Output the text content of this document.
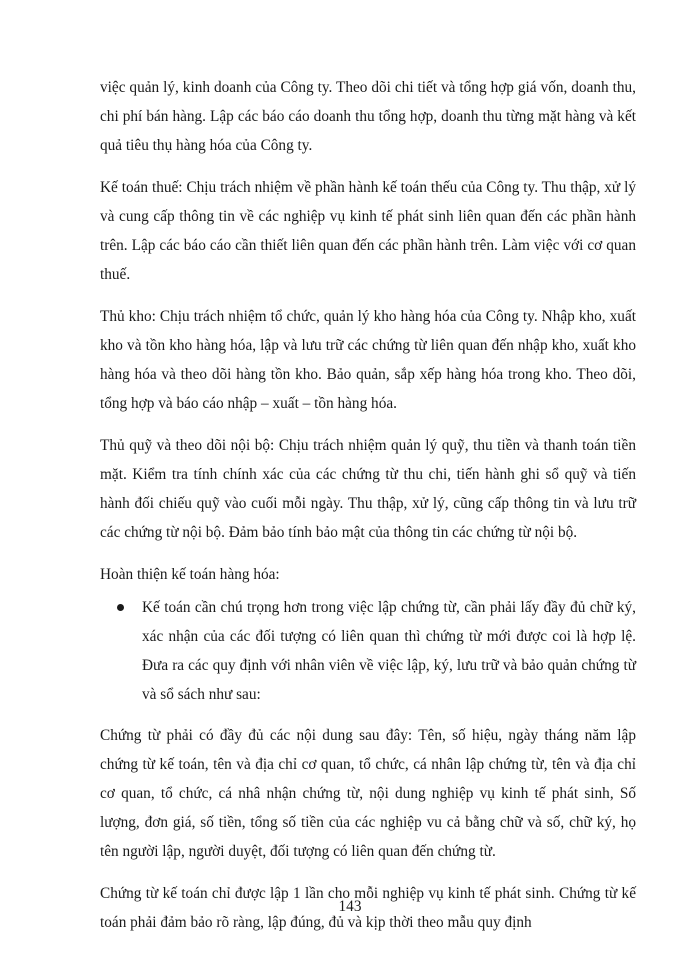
việc quản lý, kinh doanh của Công ty. Theo dõi chi tiết và tổng hợp giá vốn, doanh thu, chi phí bán hàng. Lập các báo cáo doanh thu tổng hợp, doanh thu từng mặt hàng và kết quả tiêu thụ hàng hóa của Công ty.

Kế toán thuế: Chịu trách nhiệm về phần hành kế toán thếu của Công ty. Thu thập, xử lý và cung cấp thông tin về các nghiệp vụ kinh tế phát sinh liên quan đến các phần hành trên. Lập các báo cáo cần thiết liên quan đến các phần hành trên. Làm việc với cơ quan thuế.

Thủ kho: Chịu trách nhiệm tổ chức, quản lý kho hàng hóa của Công ty. Nhập kho, xuất kho và tồn kho hàng hóa, lập và lưu trữ các chứng từ liên quan đến nhập kho, xuất kho hàng hóa và theo dõi hàng tồn kho. Bảo quản, sắp xếp hàng hóa trong kho. Theo dõi, tổng hợp và báo cáo nhập – xuất – tồn hàng hóa.

Thủ quỹ và theo dõi nội bộ: Chịu trách nhiệm quản lý quỹ, thu tiền và thanh toán tiền mặt. Kiểm tra tính chính xác của các chứng từ thu chi, tiến hành ghi sổ quỹ và tiến hành đối chiếu quỹ vào cuối mỗi ngày. Thu thập, xử lý, cũng cấp thông tin và lưu trữ các chứng từ nội bộ. Đảm bảo tính bảo mật của thông tin các chứng từ nội bộ.

Hoàn thiện kế toán hàng hóa:

Kế toán cần chú trọng hơn trong việc lập chứng từ, cần phải lấy đầy đủ chữ ký, xác nhận của các đối tượng có liên quan thì chứng từ mới được coi là hợp lệ. Đưa ra các quy định với nhân viên về việc lập, ký, lưu trữ và bảo quản chứng từ và sổ sách như sau:

Chứng từ phải có đầy đủ các nội dung sau đây: Tên, số hiệu, ngày tháng năm lập chứng từ kế toán, tên và địa chỉ cơ quan, tổ chức, cá nhân lập chứng từ, tên và địa chỉ cơ quan, tổ chức, cá nhâ nhận chứng từ, nội dung nghiệp vụ kinh tế phát sinh, Số lượng, đơn giá, số tiền, tổng số tiền của các nghiệp vu cả bằng chữ và số, chữ ký, họ tên người lập, người duyệt, đối tượng có liên quan đến chứng từ.

Chứng từ kế toán chỉ được lập 1 lần cho mỗi nghiệp vụ kinh tế phát sinh. Chứng từ kế toán phải đảm bảo rõ ràng, lập đúng, đủ và kịp thời theo mẫu quy định

143
